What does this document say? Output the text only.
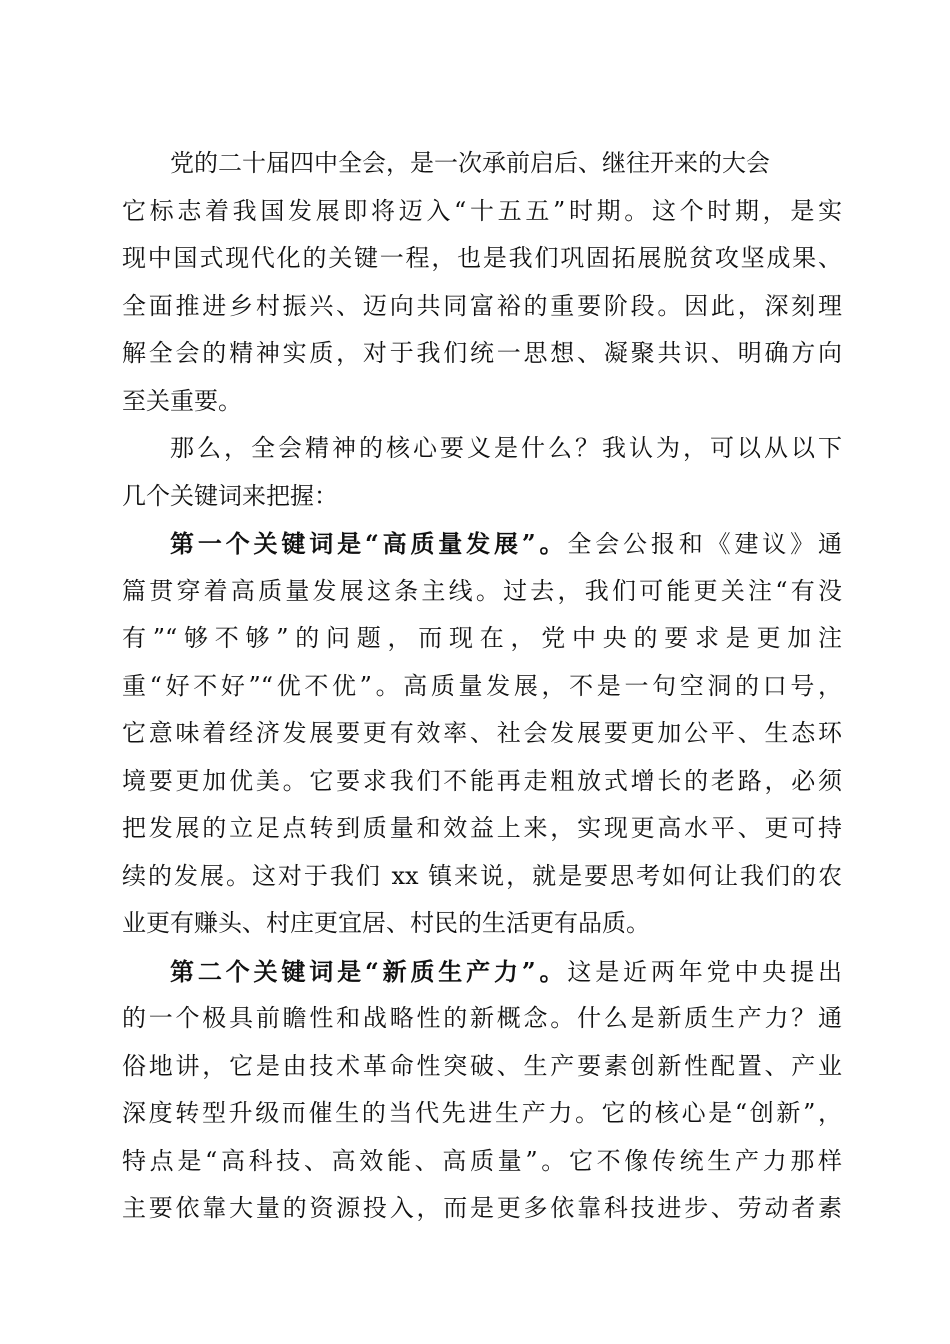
党的二十届四中全会，是一次承前启后、继往开来的大会
它标志着我国发展即将迈入“十五五”时期。这个时期，是实
现中国式现代化的关键一程，也是我们巩固拓展脱贫攻坚成果、
全面推进乡村振兴、迈向共同富裕的重要阶段。因此，深刻理
解全会的精神实质，对于我们统一思想、凝聚共识、明确方向
至关重要。
那么，全会精神的核心要义是什么？我认为，可以从以下
几个关键词来把握：
第一个关键词是“高质量发展”。全会公报和《建议》通
篇贯穿着高质量发展这条主线。过去，我们可能更关注“有没
有”“够不够”的问题，而现在，党中央的要求是更加注
重“好不好”“优不优”。高质量发展，不是一句空洞的口号，
它意味着经济发展要更有效率、社会发展要更加公平、生态环
境要更加优美。它要求我们不能再走粗放式增长的老路，必须
把发展的立足点转到质量和效益上来，实现更高水平、更可持
续的发展。这对于我们 xx 镇来说，就是要思考如何让我们的农
业更有赚头、村庄更宜居、村民的生活更有品质。
第二个关键词是“新质生产力”。这是近两年党中央提出
的一个极具前瞻性和战略性的新概念。什么是新质生产力？通
俗地讲，它是由技术革命性突破、生产要素创新性配置、产业
深度转型升级而催生的当代先进生产力。它的核心是“创新”，
特点是“高科技、高效能、高质量”。它不像传统生产力那样
主要依靠大量的资源投入，而是更多依靠科技进步、劳动者素
